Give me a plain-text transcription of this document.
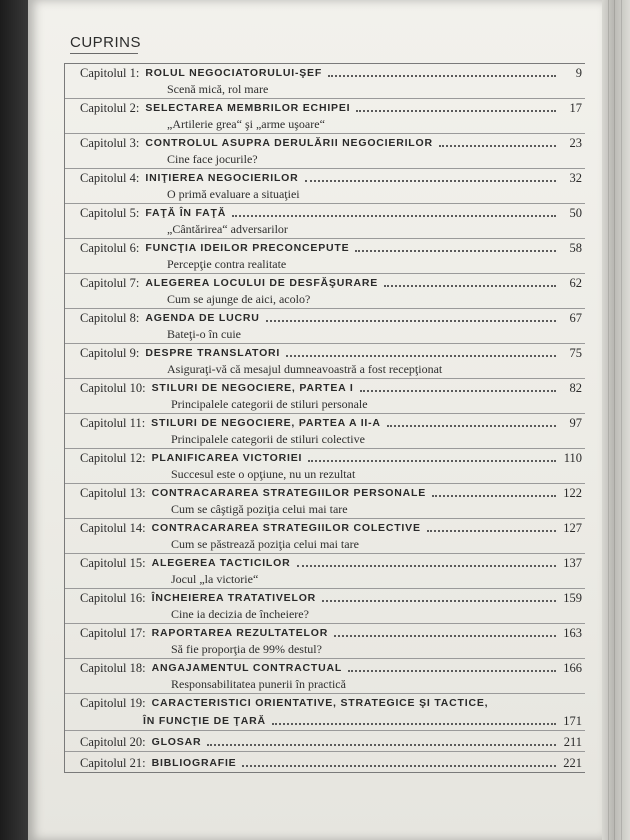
CUPRINS
Capitolul 1: ROLUL NEGOCIATORULUI-ŞEF	9
Scenă mică, rol mare
Capitolul 2: SELECTAREA MEMBRILOR ECHIPEI	17
„Artilerie grea“ şi „arme uşoare“
Capitolul 3: CONTROLUL ASUPRA DERULĂRII NEGOCIERILOR	23
Cine face jocurile?
Capitolul 4: INIŢIEREA NEGOCIERILOR	32
O primă evaluare a situaţiei
Capitolul 5: FAŢĂ ÎN FAŢĂ	50
„Cântărirea“ adversarilor
Capitolul 6: FUNCŢIA IDEILOR PRECONCEPUTE	58
Percepţie contra realitate
Capitolul 7: ALEGEREA LOCULUI DE DESFĂŞURARE	62
Cum se ajunge de aici, acolo?
Capitolul 8: AGENDA DE LUCRU	67
Bateţi-o în cuie
Capitolul 9: DESPRE TRANSLATORI	75
Asiguraţi-vă că mesajul dumneavoastră a fost recepţionat
Capitolul 10: STILURI DE NEGOCIERE, PARTEA I	82
Principalele categorii de stiluri personale
Capitolul 11: STILURI DE NEGOCIERE, PARTEA A II-A	97
Principalele categorii de stiluri colective
Capitolul 12: PLANIFICAREA VICTORIEI	110
Succesul este o opţiune, nu un rezultat
Capitolul 13: CONTRACARAREA STRATEGIILOR PERSONALE	122
Cum se câştigă poziţia celui mai tare
Capitolul 14: CONTRACARAREA STRATEGIILOR COLECTIVE	127
Cum se păstrează poziţia celui mai tare
Capitolul 15: ALEGEREA TACTICILOR	137
Jocul „la victorie“
Capitolul 16: ÎNCHEIEREA TRATATIVELOR	159
Cine ia decizia de încheiere?
Capitolul 17: RAPORTAREA REZULTATELOR	163
Să fie proporţia de 99% destul?
Capitolul 18: ANGAJAMENTUL CONTRACTUAL	166
Responsabilitatea punerii în practică
Capitolul 19: CARACTERISTICI ORIENTATIVE, STRATEGICE ŞI TACTICE,
ÎN FUNCŢIE DE ŢARĂ	171
Capitolul 20: GLOSAR	211
Capitolul 21: BIBLIOGRAFIE	221
